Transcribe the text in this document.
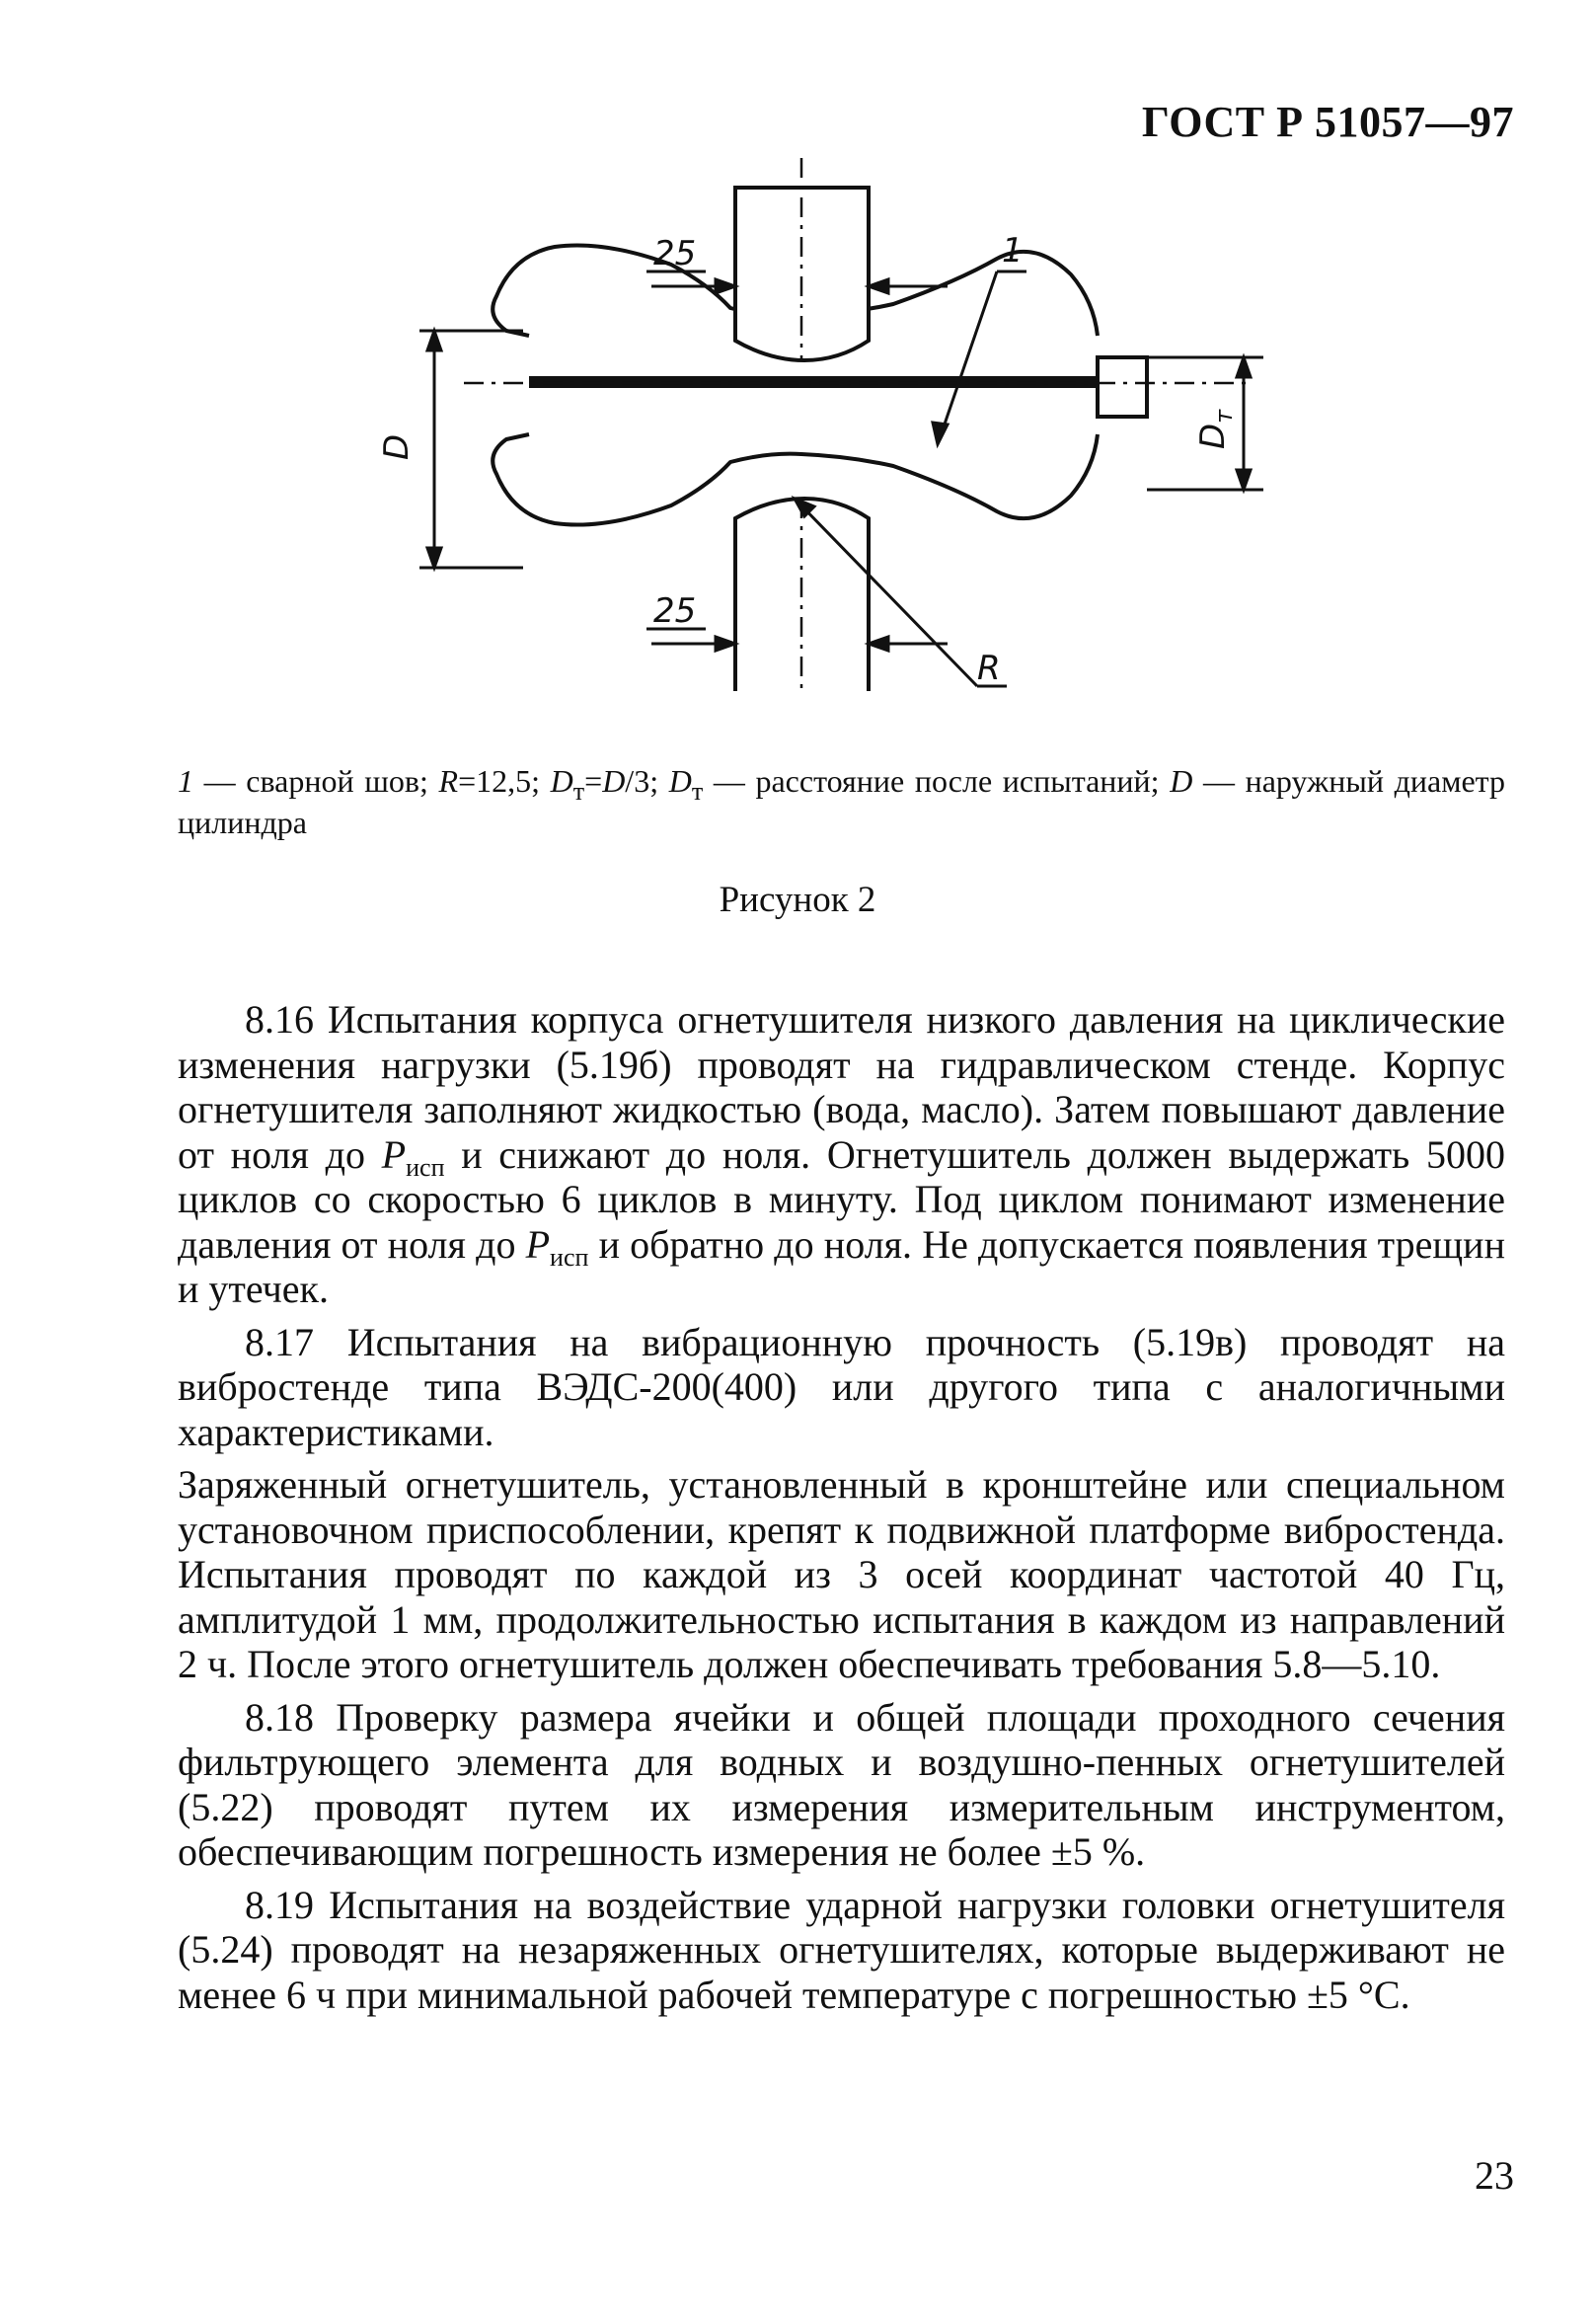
ГОСТ Р 51057—97
25
25
1
D	$D_т$
R
1 — сварной шов; R=12,5; $D_т=D/3$; $D_т$ — расстояние после испытаний; D — наружный диаметр цилиндра
Рисунок 2

8.16 Испытания корпуса огнетушителя низкого давления на циклические изменения нагрузки (5.19б) проводят на гидравлическом стенде. Корпус огнетушителя заполняют жидкостью (вода, масло). Затем повышают давление от ноля до $P_{исп}$ и снижают до ноля. Огнетушитель должен выдержать 5000 циклов со скоростью 6 циклов в минуту. Под циклом понимают изменение давления от ноля до $P_{исп}$ и обратно до ноля. Не допускается появления трещин и утечек.

8.17 Испытания на вибрационную прочность (5.19в) проводят на вибростенде типа ВЭДС-200(400) или другого типа с аналогичными характеристиками.

Заряженный огнетушитель, установленный в кронштейне или специальном установочном приспособлении, крепят к подвижной платформе вибростенда. Испытания проводят по каждой из 3 осей координат частотой 40 Гц, амплитудой 1 мм, продолжительностью испытания в каждом из направлений 2 ч. После этого огнетушитель должен обеспечивать требования 5.8—5.10.

8.18 Проверку размера ячейки и общей площади проходного сечения фильтрующего элемента для водных и воздушно-пенных огнетушителей (5.22) проводят путем их измерения измерительным инструментом, обеспечивающим погрешность измерения не более ±5 %.

8.19 Испытания на воздействие ударной нагрузки головки огнетушителя (5.24) проводят на незаряженных огнетушителях, которые выдерживают не менее 6 ч при минимальной рабочей температуре с погрешностью ±5 °С.

23
